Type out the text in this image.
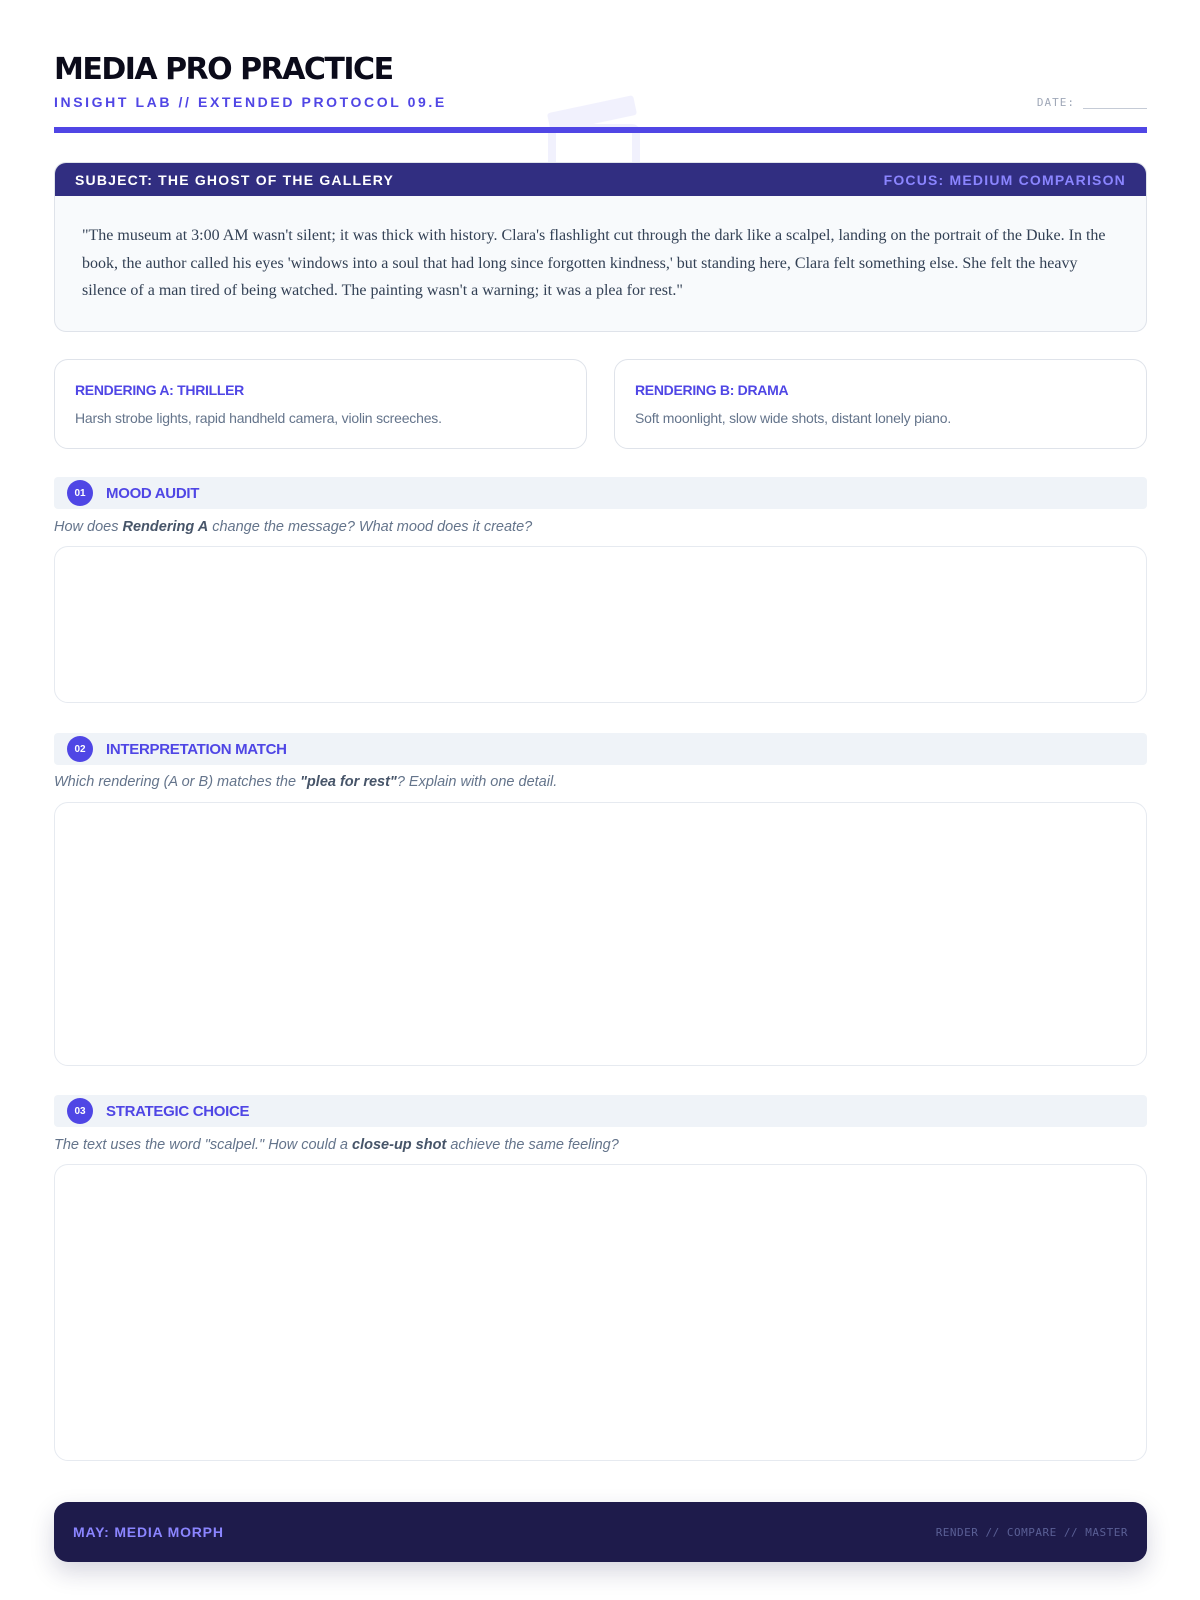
MEDIA PRO PRACTICE
INSIGHT LAB // EXTENDED PROTOCOL 09.E	DATE:
SUBJECT: THE GHOST OF THE GALLERY	FOCUS: MEDIUM COMPARISON
"The museum at 3:00 AM wasn't silent; it was thick with history. Clara's flashlight cut through the dark like a scalpel, landing on the portrait of the Duke. In the book, the author called his eyes 'windows into a soul that had long since forgotten kindness,' but standing here, Clara felt something else. She felt the heavy silence of a man tired of being watched. The painting wasn't a warning; it was a plea for rest."
RENDERING A: THRILLER
Harsh strobe lights, rapid handheld camera, violin screeches.
RENDERING B: DRAMA
Soft moonlight, slow wide shots, distant lonely piano.
01	MOOD AUDIT
How does Rendering A change the message? What mood does it create?
02	INTERPRETATION MATCH
Which rendering (A or B) matches the "plea for rest"? Explain with one detail.
03	STRATEGIC CHOICE
The text uses the word "scalpel." How could a close-up shot achieve the same feeling?
MAY: MEDIA MORPH	RENDER // COMPARE // MASTER
